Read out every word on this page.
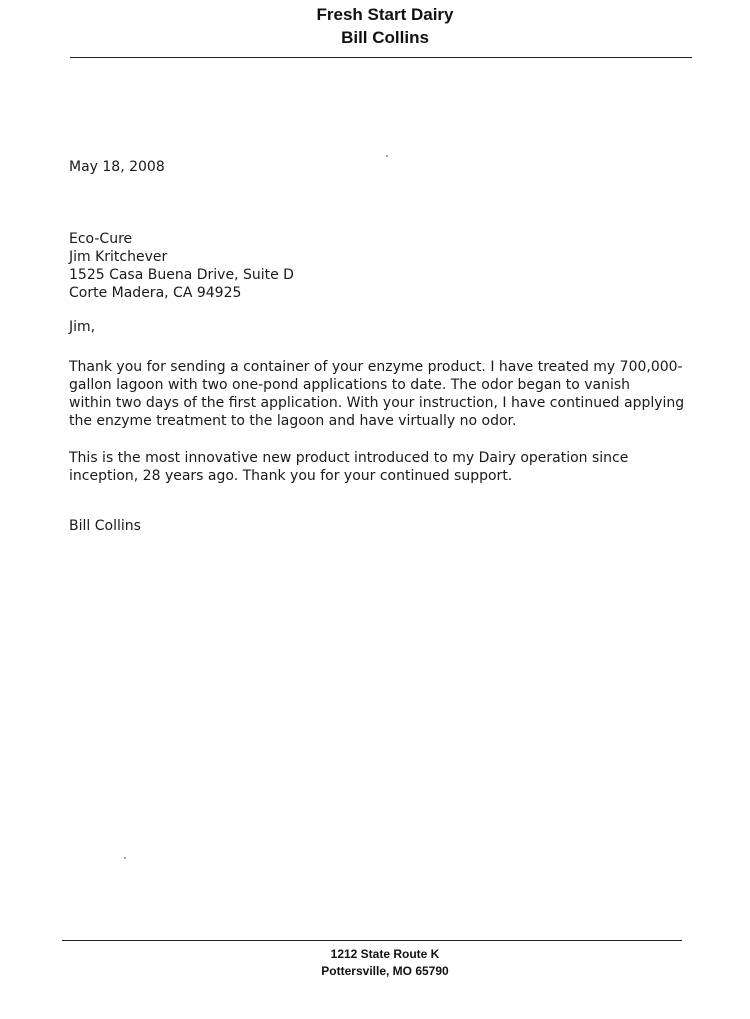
Fresh Start Dairy
Bill Collins
May 18, 2008
Eco-Cure
Jim Kritchever
1525 Casa Buena Drive, Suite D
Corte Madera, CA 94925
Jim,
Thank you for sending a container of your enzyme product. I have treated my 700,000-
gallon lagoon with two one-pond applications to date. The odor began to vanish
within two days of the first application. With your instruction, I have continued applying
the enzyme treatment to the lagoon and have virtually no odor.
This is the most innovative new product introduced to my Dairy operation since
inception, 28 years ago. Thank you for your continued support.
Bill Collins
1212 State Route K
Pottersville, MO 65790
